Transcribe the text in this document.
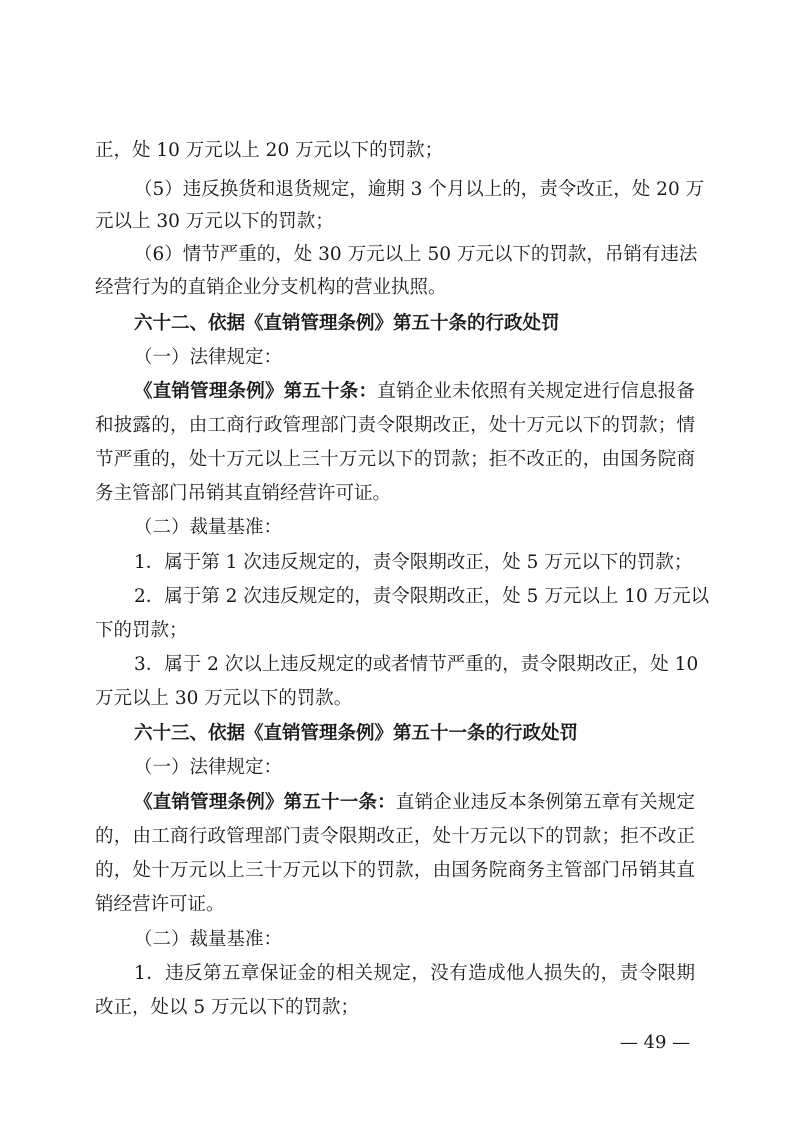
正，处 10 万元以上 20 万元以下的罚款；
（5）违反换货和退货规定，逾期 3 个月以上的，责令改正，处 20 万
元以上 30 万元以下的罚款；
（6）情节严重的，处 30 万元以上 50 万元以下的罚款，吊销有违法
经营行为的直销企业分支机构的营业执照。
六十二、依据《直销管理条例》第五十条的行政处罚
（一）法律规定：
《直销管理条例》第五十条：直销企业未依照有关规定进行信息报备
和披露的，由工商行政管理部门责令限期改正，处十万元以下的罚款；情
节严重的，处十万元以上三十万元以下的罚款；拒不改正的，由国务院商
务主管部门吊销其直销经营许可证。
（二）裁量基准：
1．属于第 1 次违反规定的，责令限期改正，处 5 万元以下的罚款；
2．属于第 2 次违反规定的，责令限期改正，处 5 万元以上 10 万元以
下的罚款；
3．属于 2 次以上违反规定的或者情节严重的，责令限期改正，处 10
万元以上 30 万元以下的罚款。
六十三、依据《直销管理条例》第五十一条的行政处罚
（一）法律规定：
《直销管理条例》第五十一条：直销企业违反本条例第五章有关规定
的，由工商行政管理部门责令限期改正，处十万元以下的罚款；拒不改正
的，处十万元以上三十万元以下的罚款，由国务院商务主管部门吊销其直
销经营许可证。
（二）裁量基准：
1．违反第五章保证金的相关规定，没有造成他人损失的，责令限期
改正，处以 5 万元以下的罚款；
— 49 —
